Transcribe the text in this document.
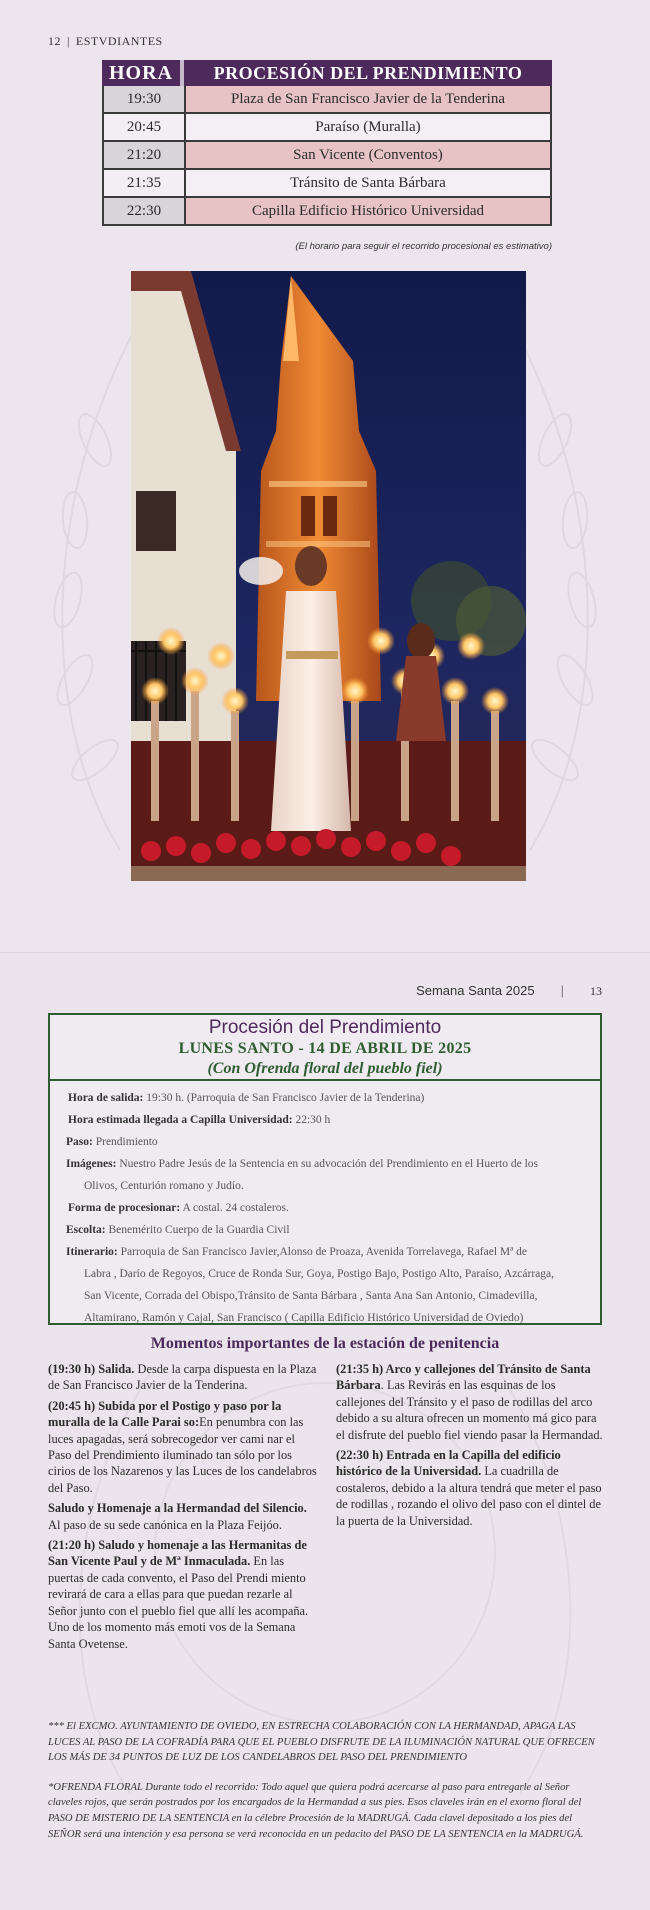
12 | ESTVDIANTES
HORA	PROCESIÓN DEL PRENDIMIENTO
19:30	Plaza de San Francisco Javier de la Tenderina
20:45	Paraíso (Muralla)
21:20	San Vicente (Conventos)
21:35	Tránsito de Santa Bárbara
22:30	Capilla Edificio Histórico Universidad
(El horario para seguir el recorrido procesional es estimativo)
Semana Santa 2025 | 13
Procesión del Prendimiento
LUNES SANTO - 14 DE ABRIL DE 2025
(Con Ofrenda floral del pueblo fiel)
Hora de salida: 19:30 h. (Parroquia de San Francisco Javier de la Tenderina)
Hora estimada llegada a Capilla Universidad: 22:30 h
Paso: Prendimiento
Imágenes: Nuestro Padre Jesús de la Sentencia en su advocación del Prendimiento en el Huerto de los
Olivos, Centurión romano y Judío.
Forma de procesionar: A costal. 24 costaleros.
Escolta: Benemérito Cuerpo de la Guardia Civil
Itinerario: Parroquia de San Francisco Javier,Alonso de Proaza, Avenida Torrelavega, Rafael Mª de
Labra , Darío de Regoyos, Cruce de Ronda Sur, Goya, Postigo Bajo, Postigo Alto, Paraíso, Azcárraga,
San Vicente, Corrada del Obispo,Tránsito de Santa Bárbara , Santa Ana San Antonio, Cimadevilla,
Altamirano, Ramón y Cajal, San Francisco ( Capilla Edificio Histórico Universidad de Oviedo)
Momentos importantes de la estación de penitencia

(19:30 h) Salida. Desde la carpa dispuesta en la Plaza de San Francisco Javier de la Tenderina.

(20:45 h) Subida por el Postigo y paso por la muralla de la Calle Parai so:En penumbra con las luces apagadas, será sobrecogedor ver cami nar el Paso del Prendimiento iluminado tan sólo por los cirios de los Nazarenos y las Luces de los candelabros del Paso.

Saludo y Homenaje a la Hermandad del Silencio. Al paso de su sede canónica en la Plaza Feijóo.

(21:20 h) Saludo y homenaje a las Hermanitas de San Vicente Paul y de Mª Inmaculada. En las puertas de cada convento, el Paso del Prendi miento revirará de cara a ellas para que puedan rezarle al Señor junto con el pueblo fiel que allí les acompaña. Uno de los momento más emoti vos de la Semana Santa Ovetense.

(21:35 h) Arco y callejones del Tránsito de Santa Bárbara. Las Revirás en las esquinas de los callejones del Tránsito y el paso de rodillas del arco debido a su altura ofrecen un momento má gico para el disfrute del pueblo fiel viendo pasar la Hermandad.

(22:30 h) Entrada en la Capilla del edificio histórico de la Universidad. La cuadrilla de costaleros, debido a la altura tendrá que meter el paso de rodillas , rozando el olivo del paso con el dintel de la puerta de la Universidad.

*** El EXCMO. AYUNTAMIENTO DE OVIEDO, EN ESTRECHA COLABORACIÓN CON LA HERMANDAD, APAGA LAS LUCES AL PASO DE LA COFRADÍA PARA QUE EL PUEBLO DISFRUTE DE LA ILUMINACIÓN NATURAL QUE OFRECEN LOS MÁS DE 34 PUNTOS DE LUZ DE LOS CANDELABROS DEL PASO DEL PRENDIMIENTO

*OFRENDA FLORAL Durante todo el recorrido: Todo aquel que quiera podrá acercarse al paso para entregarle al Señor claveles rojos, que serán postrados por los encargados de la Hermandad a sus pies. Esos claveles irán en el exorno floral del PASO DE MISTERIO DE LA SENTENCIA en la célebre Procesión de la MADRUGÁ. Cada clavel depositado a los pies del SEÑOR será una intención y esa persona se verá reconocida en un pedacito del PASO DE LA SENTENCIA en la MADRUGÁ.
